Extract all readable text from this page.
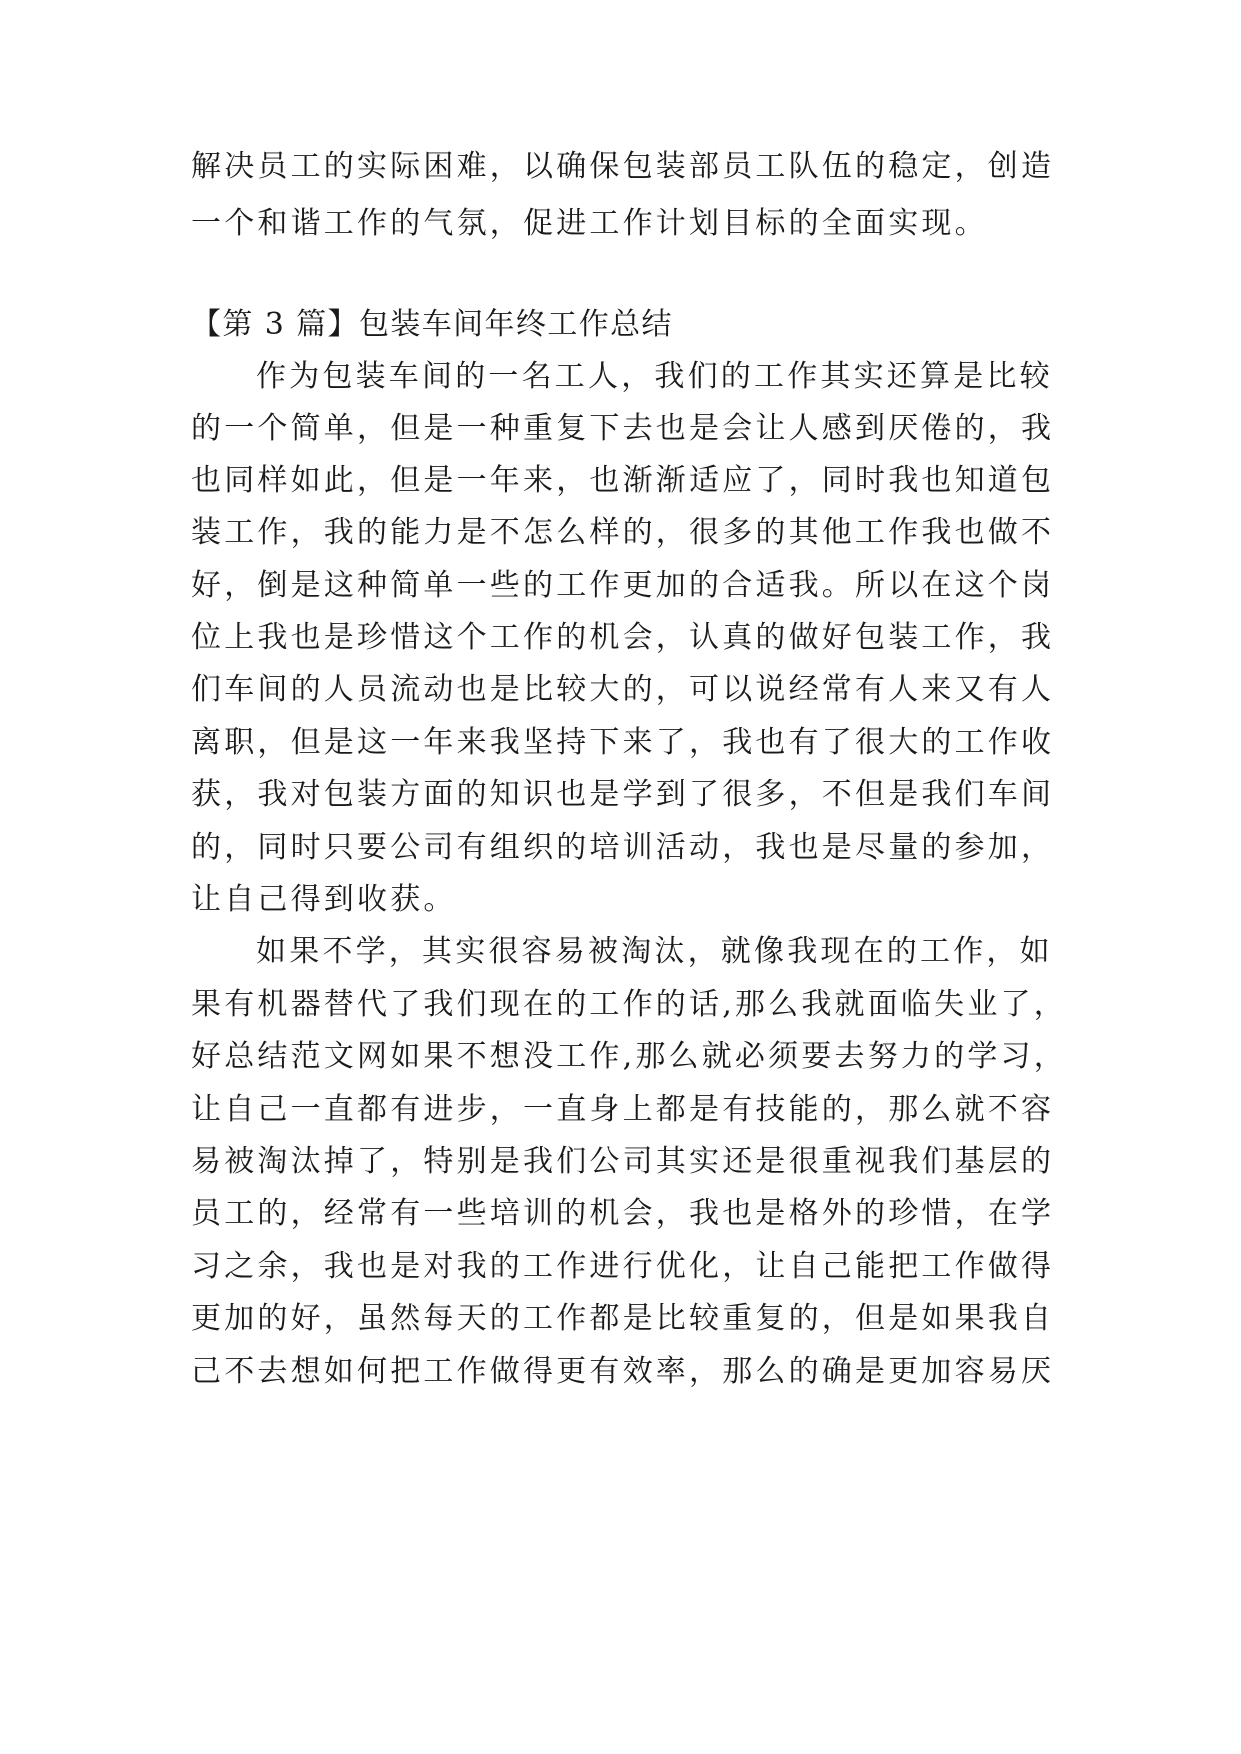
解决员工的实际困难，以确保包装部员工队伍的稳定，创造
一个和谐工作的气氛，促进工作计划目标的全面实现。
【第 3 篇】包装车间年终工作总结
作为包装车间的一名工人，我们的工作其实还算是比较
的一个简单，但是一种重复下去也是会让人感到厌倦的，我
也同样如此，但是一年来，也渐渐适应了，同时我也知道包
装工作，我的能力是不怎么样的，很多的其他工作我也做不
好，倒是这种简单一些的工作更加的合适我。所以在这个岗
位上我也是珍惜这个工作的机会，认真的做好包装工作，我
们车间的人员流动也是比较大的，可以说经常有人来又有人
离职，但是这一年来我坚持下来了，我也有了很大的工作收
获，我对包装方面的知识也是学到了很多，不但是我们车间
的，同时只要公司有组织的培训活动，我也是尽量的参加，
让自己得到收获。
如果不学，其实很容易被淘汰，就像我现在的工作，如
果有机器替代了我们现在的工作的话,那么我就面临失业了，
好总结范文网如果不想没工作,那么就必须要去努力的学习，
让自己一直都有进步，一直身上都是有技能的，那么就不容
易被淘汰掉了，特别是我们公司其实还是很重视我们基层的
员工的，经常有一些培训的机会，我也是格外的珍惜，在学
习之余，我也是对我的工作进行优化，让自己能把工作做得
更加的好，虽然每天的工作都是比较重复的，但是如果我自
己不去想如何把工作做得更有效率，那么的确是更加容易厌
